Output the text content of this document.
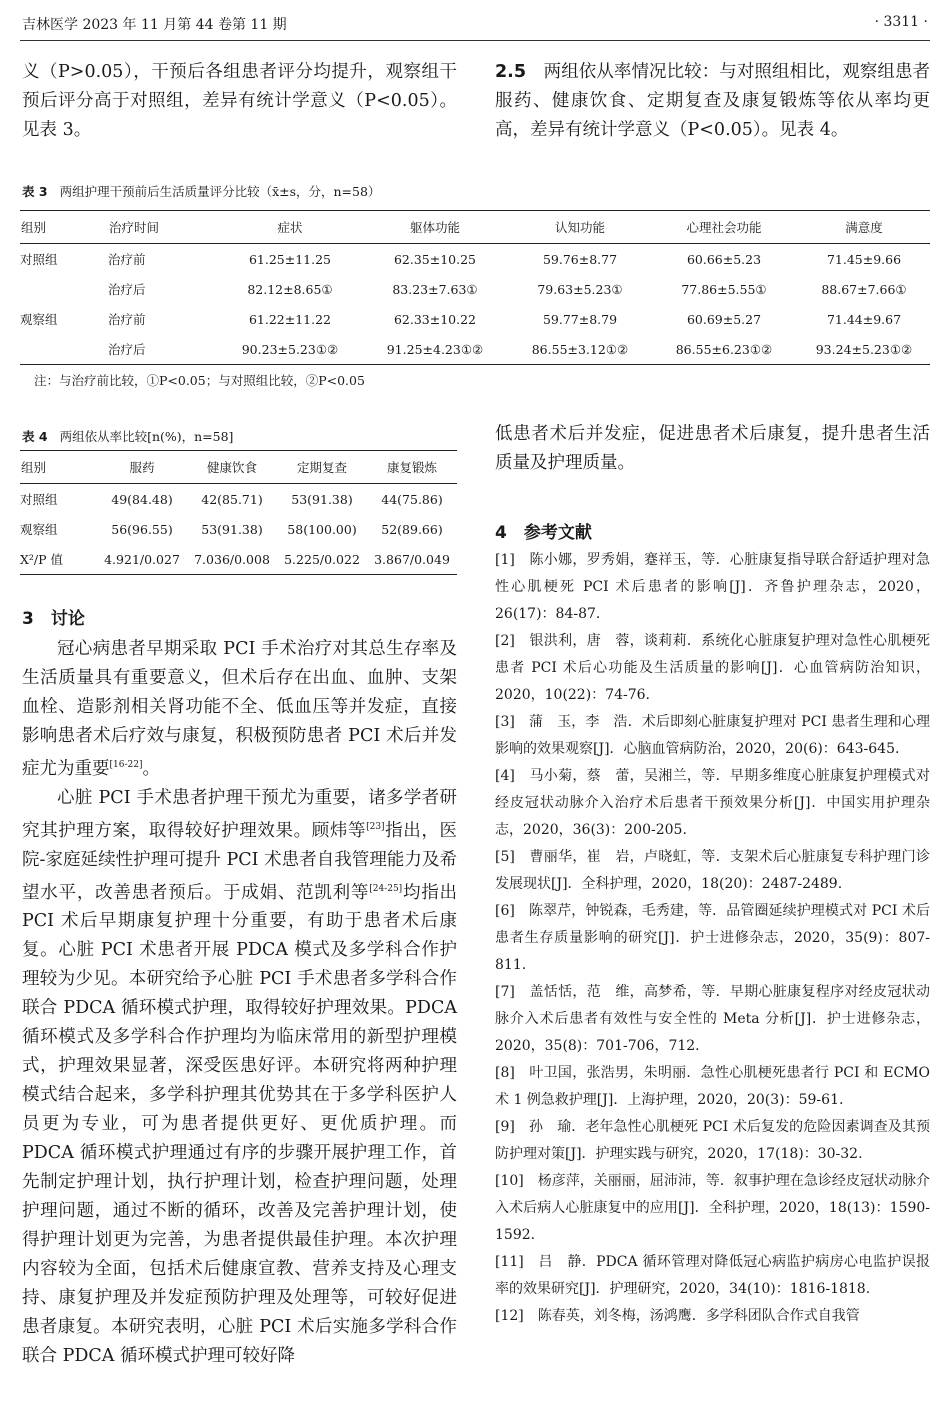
吉林医学 2023 年 11 月第 44 卷第 11 期	· 3311 ·

义（P>0.05），干预后各组患者评分均提升，观察组干预后评分高于对照组，差异有统计学意义（P<0.05）。见表 3。

2.5　 两组依从率情况比较：与对照组相比，观察组患者服药、健康饮食、定期复查及康复锻炼等依从率均更高，差异有统计学意义（P<0.05）。见表 4。

表 3 两组护理干预前后生活质量评分比较（x̄±s，分，n=58）
组别	治疗时间	症状	躯体功能	认知功能	心理社会功能	满意度
对照组	治疗前	61.25±11.25	62.35±10.25	59.76±8.77	60.66±5.23	71.45±9.66
	治疗后	82.12±8.65①	83.23±7.63①	79.63±5.23①	77.86±5.55①	88.67±7.66①
观察组	治疗前	61.22±11.22	62.33±10.22	59.77±8.79	60.69±5.27	71.44±9.67
	治疗后	90.23±5.23①②	91.25±4.23①②	86.55±3.12①②	86.55±6.23①②	93.24±5.23①②
注：与治疗前比较，①P<0.05；与对照组比较，②P<0.05
表 4 两组依从率比较[n(%)，n=58]
组别	服药	健康饮食	定期复查	康复锻炼
对照组	49(84.48)	42(85.71)	53(91.38)	44(75.86)
观察组	56(96.55)	53(91.38)	58(100.00)	52(89.66)
X²/P 值	4.921/0.027	7.036/0.008	5.225/0.022	3.867/0.049
3　讨论

冠心病患者早期采取 PCI 手术治疗对其总生存率及生活质量具有重要意义，但术后存在出血、血肿、支架血栓、造影剂相关肾功能不全、低血压等并发症，直接影响患者术后疗效与康复，积极预防患者 PCI 术后并发症尤为重要[16-22]。

心脏 PCI 手术患者护理干预尤为重要，诸多学者研究其护理方案，取得较好护理效果。顾炜等[23]指出，医院-家庭延续性护理可提升 PCI 术患者自我管理能力及希望水平，改善患者预后。于成娟、范凯利等[24-25]均指出 PCI 术后早期康复护理十分重要，有助于患者术后康复。心脏 PCI 术患者开展 PDCA 模式及多学科合作护理较为少见。本研究给予心脏 PCI 手术患者多学科合作联合 PDCA 循环模式护理，取得较好护理效果。PDCA 循环模式及多学科合作护理均为临床常用的新型护理模式，护理效果显著，深受医患好评。本研究将两种护理模式结合起来，多学科护理其优势其在于多学科医护人员更为专业，可为患者提供更好、更优质护理。而 PDCA 循环模式护理通过有序的步骤开展护理工作，首先制定护理计划，执行护理计划，检查护理问题，处理护理问题，通过不断的循环，改善及完善护理计划，使得护理计划更为完善，为患者提供最佳护理。本次护理内容较为全面，包括术后健康宣教、营养支持及心理支持、康复护理及并发症预防护理及处理等，可较好促进患者康复。本研究表明，心脏 PCI 术后实施多学科合作联合 PDCA 循环模式护理可较好降

低患者术后并发症，促进患者术后康复，提升患者生活质量及护理质量。

4　参考文献

[1]　陈小娜，罗秀娟，蹇祥玉，等．心脏康复指导联合舒适护理对急性心肌梗死 PCI 术后患者的影响[J]．齐鲁护理杂志，2020，26(17)：84-87.

[2]　银洪利，唐　蓉，谈莉莉．系统化心脏康复护理对急性心肌梗死患者 PCI 术后心功能及生活质量的影响[J]．心血管病防治知识，2020，10(22)：74-76.

[3]　蒲　玉，李　浩．术后即刻心脏康复护理对 PCI 患者生理和心理影响的效果观察[J]．心脑血管病防治，2020，20(6)：643-645.

[4]　马小菊，蔡　蕾，吴湘兰，等．早期多维度心脏康复护理模式对经皮冠状动脉介入治疗术后患者干预效果分析[J]．中国实用护理杂志，2020，36(3)：200-205.

[5]　曹丽华，崔　岩，卢晓虹，等．支架术后心脏康复专科护理门诊发展现状[J]．全科护理，2020，18(20)：2487-2489.

[6]　陈翠芹，钟锐森，毛秀建，等．品管圈延续护理模式对 PCI 术后患者生存质量影响的研究[J]．护士进修杂志，2020，35(9)：807-811.

[7]　盖恬恬，范　维，高梦希，等．早期心脏康复程序对经皮冠状动脉介入术后患者有效性与安全性的 Meta 分析[J]．护士进修杂志，2020，35(8)：701-706，712.

[8]　叶卫国，张浩男，朱明丽．急性心肌梗死患者行 PCI 和 ECMO 术 1 例急救护理[J]．上海护理，2020，20(3)：59-61.

[9]　孙　瑜．老年急性心肌梗死 PCI 术后复发的危险因素调查及其预防护理对策[J]．护理实践与研究，2020，17(18)：30-32.

[10]　杨彦萍，关丽丽，屈沛沛，等．叙事护理在急诊经皮冠状动脉介入术后病人心脏康复中的应用[J]．全科护理，2020，18(13)：1590-1592.

[11]　吕　静．PDCA 循环管理对降低冠心病监护病房心电监护误报率的效果研究[J]．护理研究，2020，34(10)：1816-1818.

[12]　陈春英，刘冬梅，汤鸿鹰．多学科团队合作式自我管
